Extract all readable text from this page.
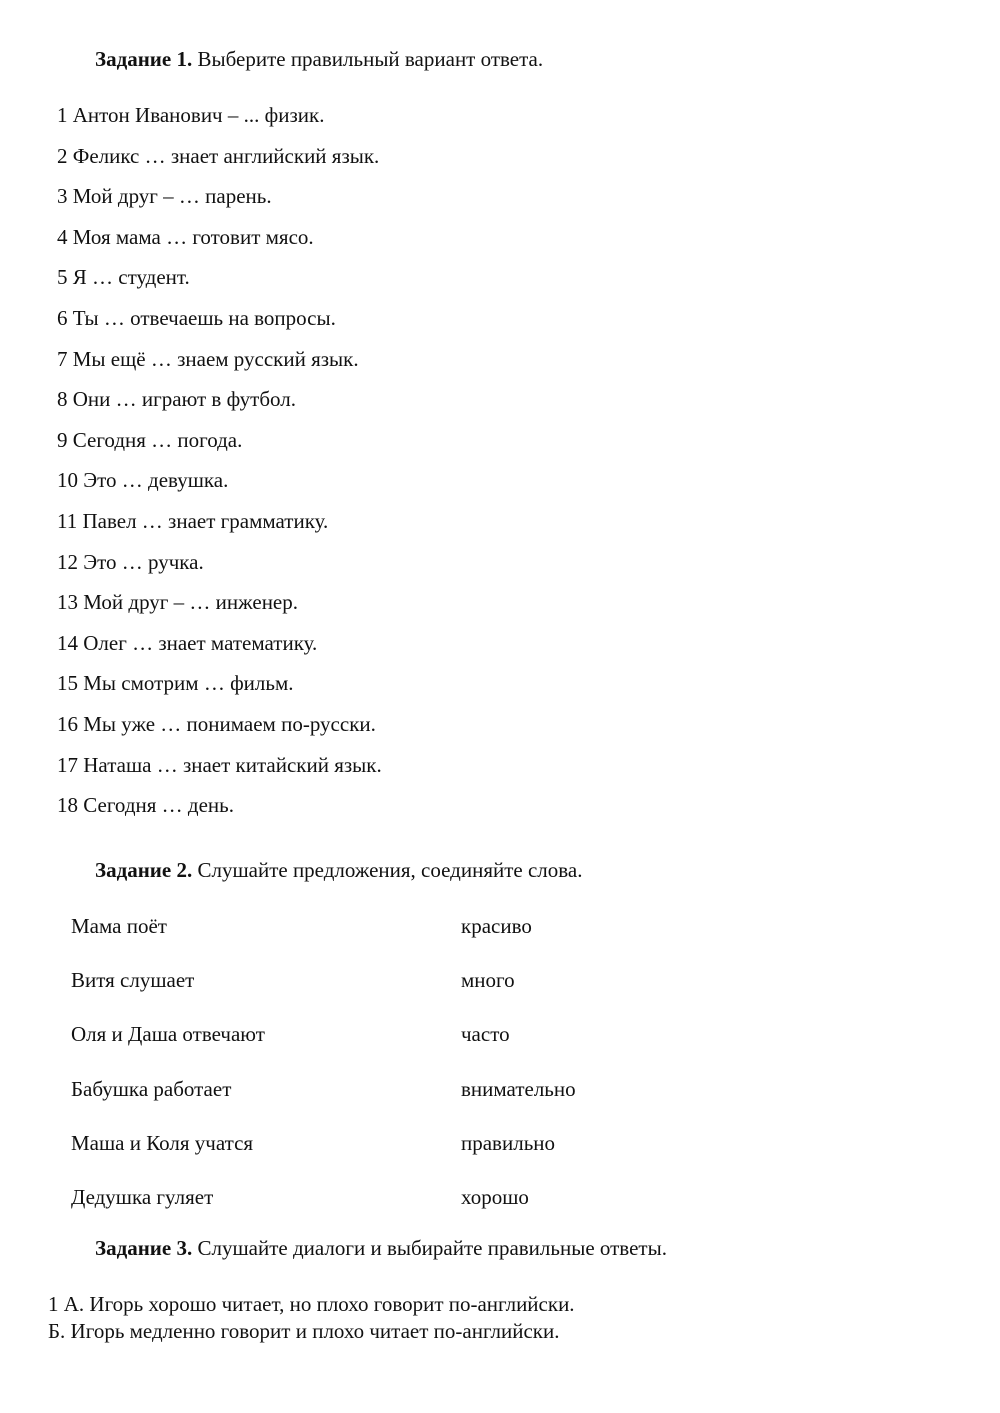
Задание 1. Выберите правильный вариант ответа.
1 Антон Иванович – ... физик.
2 Феликс … знает английский язык.
3 Мой друг – … парень.
4 Моя мама … готовит мясо.
5 Я … студент.
6 Ты … отвечаешь на вопросы.
7 Мы ещё … знаем русский язык.
8 Они … играют в футбол.
9 Сегодня … погода.
10 Это … девушка.
11 Павел … знает грамматику.
12 Это … ручка.
13 Мой друг – … инженер.
14 Олег … знает математику.
15 Мы смотрим … фильм.
16 Мы уже … понимаем по-русски.
17 Наташа … знает китайский язык.
18 Сегодня … день.
Задание 2. Слушайте предложения, соединяйте слова.
Мама поёт	красиво
Витя слушает	много
Оля и Даша отвечают	часто
Бабушка работает	внимательно
Маша и Коля учатся	правильно
Дедушка гуляет	хорошо
Задание 3. Слушайте диалоги и выбирайте правильные ответы.
1 А. Игорь хорошо читает, но плохо говорит по-английски.
Б. Игорь медленно говорит и плохо читает по-английски.
